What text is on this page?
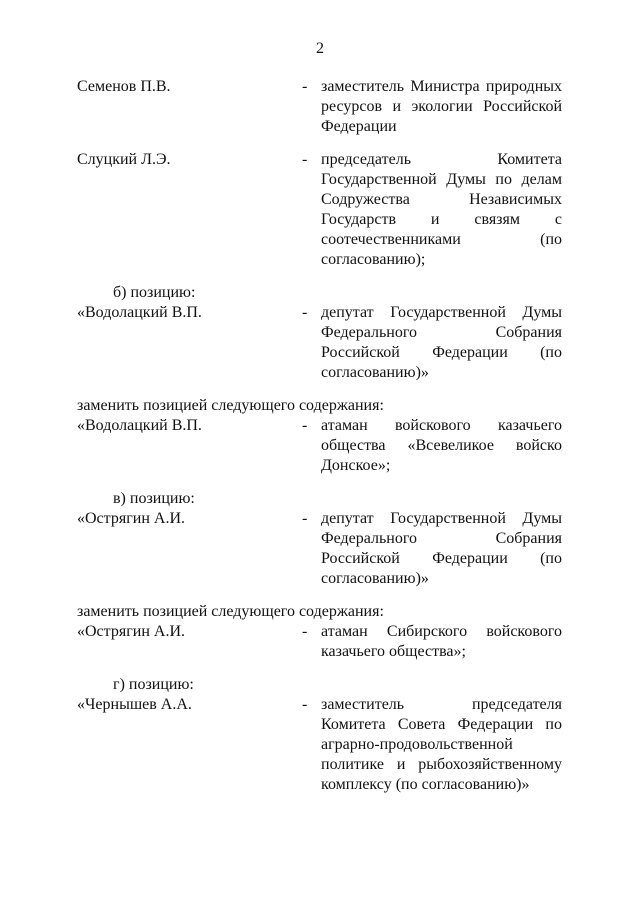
2
Семенов П.В.	- заместитель Министра природных
ресурсов и экологии Российской
Федерации
Слуцкий Л.Э.	- председатель Комитета
Государственной Думы по делам
Содружества Независимых
Государств и связям с
соотечественниками (по
согласованию);
б) позицию:
«Водолацкий В.П.	- депутат Государственной Думы
Федерального Собрания
Российской Федерации (по
согласованию)»
заменить позицией следующего содержания:
«Водолацкий В.П.	- атаман войскового казачьего
общества «Всевеликое войско
Донское»;
в) позицию:
«Острягин А.И.	- депутат Государственной Думы
Федерального Собрания
Российской Федерации (по
согласованию)»
заменить позицией следующего содержания:
«Острягин А.И.	- атаман Сибирского войскового
казачьего общества»;
г) позицию:
«Чернышев А.А.	- заместитель председателя
Комитета Совета Федерации по
аграрно-продовольственной
политике и рыбохозяйственному
комплексу (по согласованию)»
